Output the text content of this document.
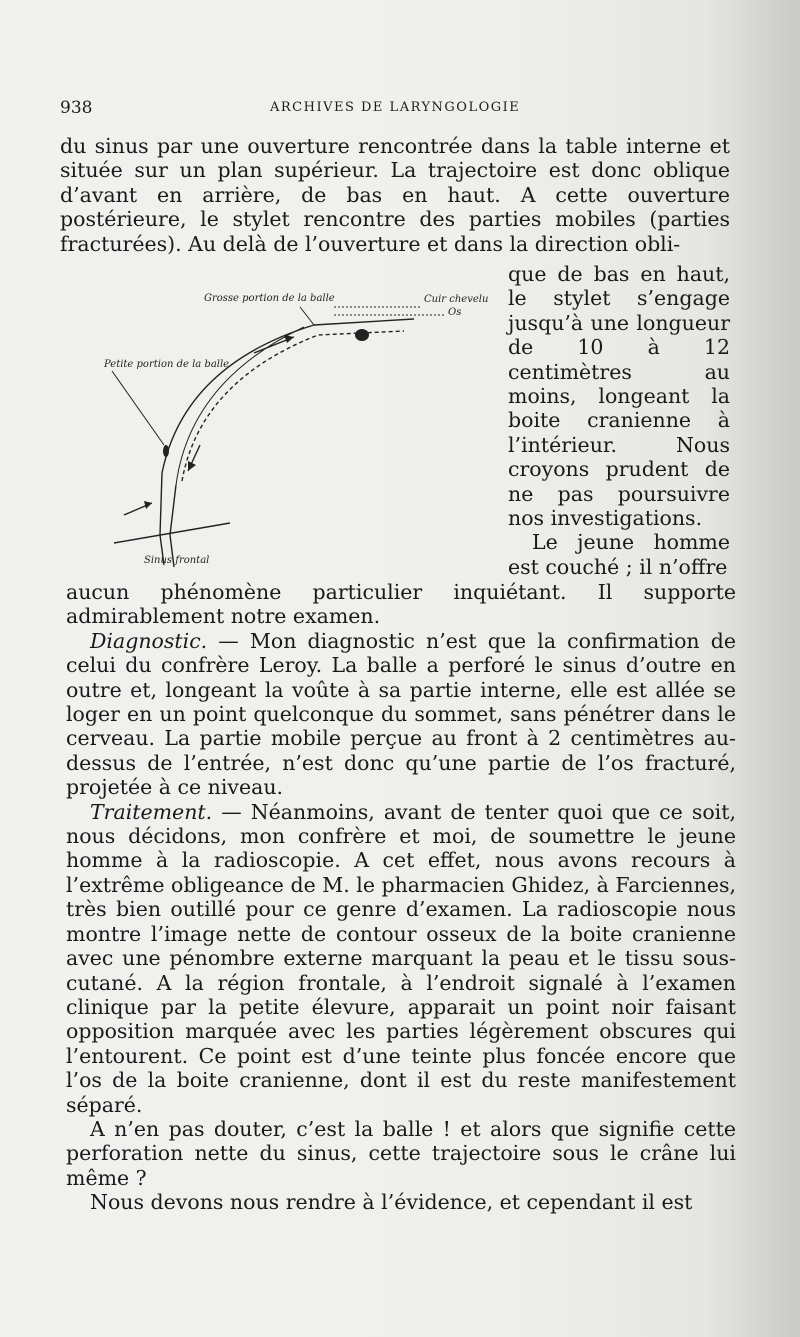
938	ARCHIVES DE LARYNGOLOGIE

du sinus par une ouverture rencontrée dans la table interne et située sur un plan supérieur. La trajectoire est donc oblique d’avant en arrière, de bas en haut. A cette ouverture postérieure, le stylet rencontre des parties mobiles (parties fracturées). Au delà de l’ouverture et dans la direction obli-

que de bas en haut, le stylet s’engage jusqu’à une longueur de 10 à 12 centimètres au moins, longeant la boite cranienne à l’intérieur. Nous croyons prudent de ne pas poursuivre nos investigations.

Le jeune homme est couché ; il n’offre

Grosse portion de la balle	Cuir chevelu
Os
Petite portion de la balle
Sinus frontal

aucun phénomène particulier inquiétant. Il supporte admirablement notre examen.

Diagnostic. — Mon diagnostic n’est que la confirmation de celui du confrère Leroy. La balle a perforé le sinus d’outre en outre et, longeant la voûte à sa partie interne, elle est allée se loger en un point quelconque du sommet, sans pénétrer dans le cerveau. La partie mobile perçue au front à 2 centimètres au-dessus de l’entrée, n’est donc qu’une partie de l’os fracturé, projetée à ce niveau.

Traitement. — Néanmoins, avant de tenter quoi que ce soit, nous décidons, mon confrère et moi, de soumettre le jeune homme à la radioscopie. A cet effet, nous avons recours à l’extrême obligeance de M. le pharmacien Ghidez, à Farciennes, très bien outillé pour ce genre d’examen. La radioscopie nous montre l’image nette de contour osseux de la boite cranienne avec une pénombre externe marquant la peau et le tissu sous-cutané. A la région frontale, à l’endroit signalé à l’examen clinique par la petite élevure, apparait un point noir faisant opposition marquée avec les parties légèrement obscures qui l’entourent. Ce point est d’une teinte plus foncée encore que l’os de la boite cranienne, dont il est du reste manifestement séparé.

A n’en pas douter, c’est la balle ! et alors que signifie cette perforation nette du sinus, cette trajectoire sous le crâne lui même ?

Nous devons nous rendre à l’évidence, et cependant il est
